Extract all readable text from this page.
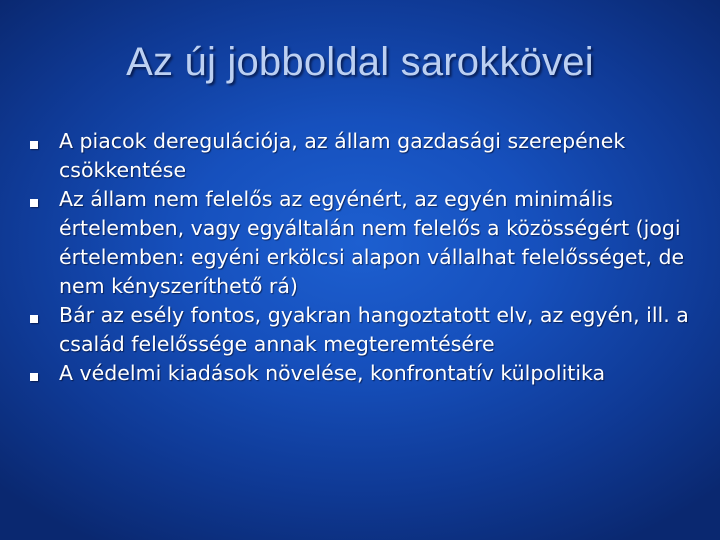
Az új jobboldal sarokkövei
A piacok deregulációja, az állam gazdasági szerepének csökkentése
Az állam nem felelős az egyénért, az egyén minimális értelemben, vagy egyáltalán nem felelős a közösségért (jogi értelemben: egyéni erkölcsi alapon vállalhat felelősséget, de nem kényszeríthető rá)
Bár az esély fontos, gyakran hangoztatott elv, az egyén, ill. a család felelőssége annak megteremtésére
A védelmi kiadások növelése, konfrontatív külpolitika
